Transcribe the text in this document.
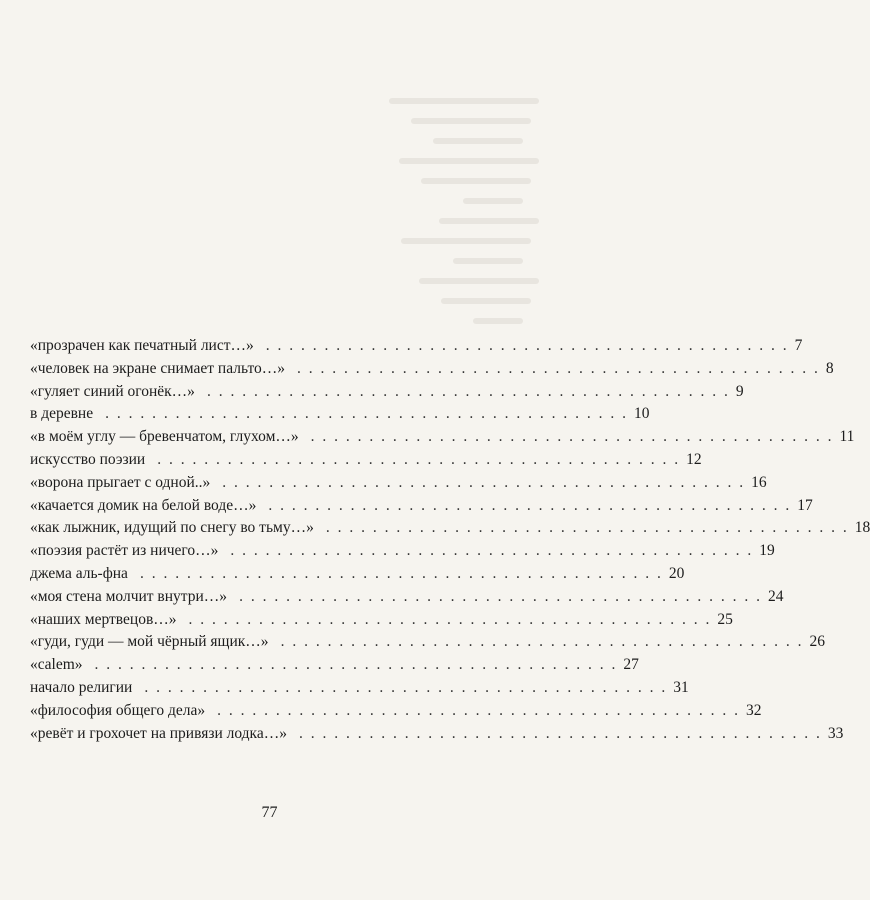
«прозрачен как печатный лист…» . . . . . . . . . . . . . . . . . . . . . . . . . . . . . . . . . . . . . . . . . . . . . 7
«человек на экране снимает пальто…» . . . . . . . . . . . . . . . . . . . . . . . . . . . . . . . . . . . . . . . . . . . . . 8
«гуляет синий огонёк…» . . . . . . . . . . . . . . . . . . . . . . . . . . . . . . . . . . . . . . . . . . . . . 9
в деревне . . . . . . . . . . . . . . . . . . . . . . . . . . . . . . . . . . . . . . . . . . . . . 10
«в моём углу — бревенчатом, глухом…» . . . . . . . . . . . . . . . . . . . . . . . . . . . . . . . . . . . . . . . . . . . . . 11
искусство поэзии . . . . . . . . . . . . . . . . . . . . . . . . . . . . . . . . . . . . . . . . . . . . . 12
«ворона прыгает с одной..» . . . . . . . . . . . . . . . . . . . . . . . . . . . . . . . . . . . . . . . . . . . . . 16
«качается домик на белой воде…» . . . . . . . . . . . . . . . . . . . . . . . . . . . . . . . . . . . . . . . . . . . . . 17
«как лыжник, идущий по снегу во тьму…» . . . . . . . . . . . . . . . . . . . . . . . . . . . . . . . . . . . . . . . . . . . . . 18
«поэзия растёт из ничего…» . . . . . . . . . . . . . . . . . . . . . . . . . . . . . . . . . . . . . . . . . . . . . 19
джема аль-фна . . . . . . . . . . . . . . . . . . . . . . . . . . . . . . . . . . . . . . . . . . . . . 20
«моя стена молчит внутри…» . . . . . . . . . . . . . . . . . . . . . . . . . . . . . . . . . . . . . . . . . . . . . 24
«наших мертвецов…» . . . . . . . . . . . . . . . . . . . . . . . . . . . . . . . . . . . . . . . . . . . . . 25
«гуди, гуди — мой чёрный ящик…» . . . . . . . . . . . . . . . . . . . . . . . . . . . . . . . . . . . . . . . . . . . . . 26
«calem» . . . . . . . . . . . . . . . . . . . . . . . . . . . . . . . . . . . . . . . . . . . . . 27
начало религии . . . . . . . . . . . . . . . . . . . . . . . . . . . . . . . . . . . . . . . . . . . . . 31
«философия общего дела» . . . . . . . . . . . . . . . . . . . . . . . . . . . . . . . . . . . . . . . . . . . . . 32
«ревёт и грохочет на привязи лодка…» . . . . . . . . . . . . . . . . . . . . . . . . . . . . . . . . . . . . . . . . . . . . . 33
77
